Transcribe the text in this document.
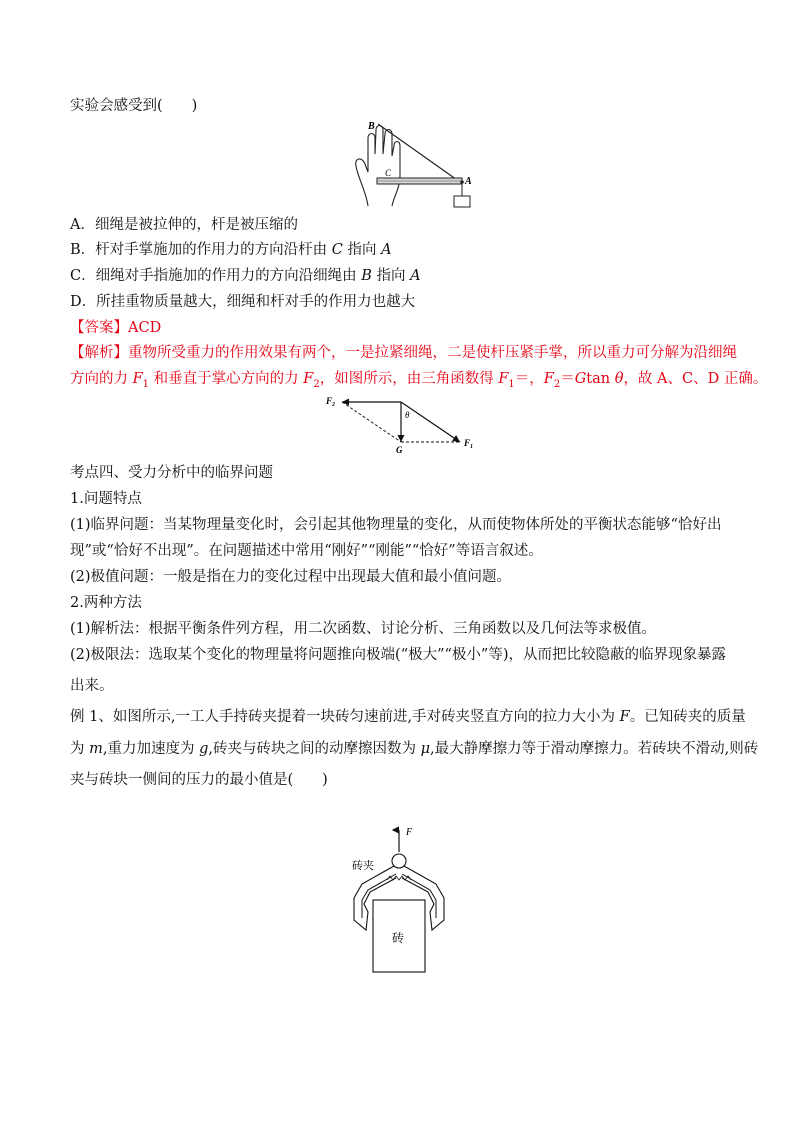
实验会感受到(　　)
B
A
C
A．细绳是被拉伸的，杆是被压缩的
B．杆对手掌施加的作用力的方向沿杆由 C 指向 A
C．细绳对手指施加的作用力的方向沿细绳由 B 指向 A
D．所挂重物质量越大，细绳和杆对手的作用力也越大
【答案】ACD
【解析】重物所受重力的作用效果有两个，一是拉紧细绳，二是使杆压紧手掌，所以重力可分解为沿细绳
方向的力 $F_1$ 和垂直于掌心方向的力 $F_2$，如图所示，由三角函数得 $F_1=$，$F_2=Gtan$ θ，故 A、C、D 正确。
$F_2$
θ
G
$F_1$
考点四、受力分析中的临界问题
1.问题特点
(1)临界问题：当某物理量变化时，会引起其他物理量的变化，从而使物体所处的平衡状态能够“恰好出
现”或“恰好不出现”。在问题描述中常用“刚好”“刚能”“恰好”等语言叙述。
(2)极值问题：一般是指在力的变化过程中出现最大值和最小值问题。
2.两种方法
(1)解析法：根据平衡条件列方程，用二次函数、讨论分析、三角函数以及几何法等求极值。
(2)极限法：选取某个变化的物理量将问题推向极端(“极大”“极小”等)，从而把比较隐蔽的临界现象暴露
出来。
例 1、如图所示,一工人手持砖夹提着一块砖匀速前进,手对砖夹竖直方向的拉力大小为 F。已知砖夹的质量
为 m,重力加速度为 g,砖夹与砖块之间的动摩擦因数为 μ,最大静摩擦力等于滑动摩擦力。若砖块不滑动,则砖
夹与砖块一侧间的压力的最小值是(　　)
F
砖夹
砖
